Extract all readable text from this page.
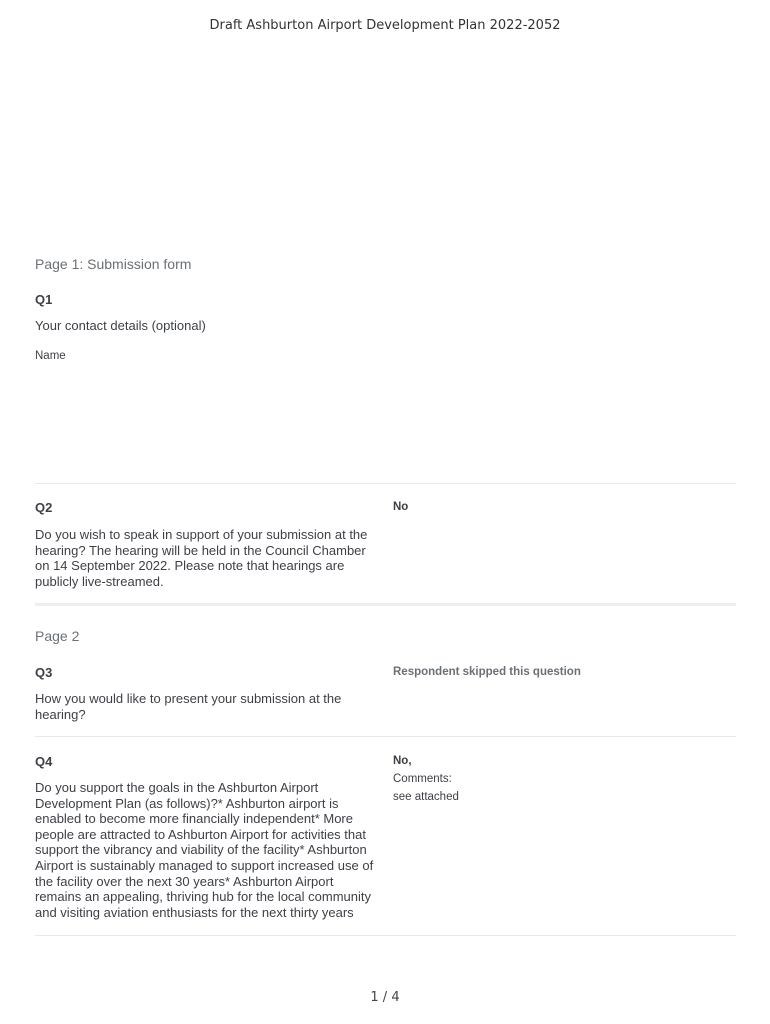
Draft Ashburton Airport Development Plan 2022-2052
Page 1: Submission form
Q1
Your contact details (optional)
Name
Q2	No
Do you wish to speak in support of your submission at the hearing? The hearing will be held in the Council Chamber on 14 September 2022. Please note that hearings are publicly live-streamed.
Page 2
Q3	Respondent skipped this question
How you would like to present your submission at the hearing?
Q4	No,
Comments:
see attached
Do you support the goals in the Ashburton Airport Development Plan (as follows)?* Ashburton airport is enabled to become more financially independent* More people are attracted to Ashburton Airport for activities that support the vibrancy and viability of the facility* Ashburton Airport is sustainably managed to support increased use of the facility over the next 30 years* Ashburton Airport remains an appealing, thriving hub for the local community and visiting aviation enthusiasts for the next thirty years
1 / 4
